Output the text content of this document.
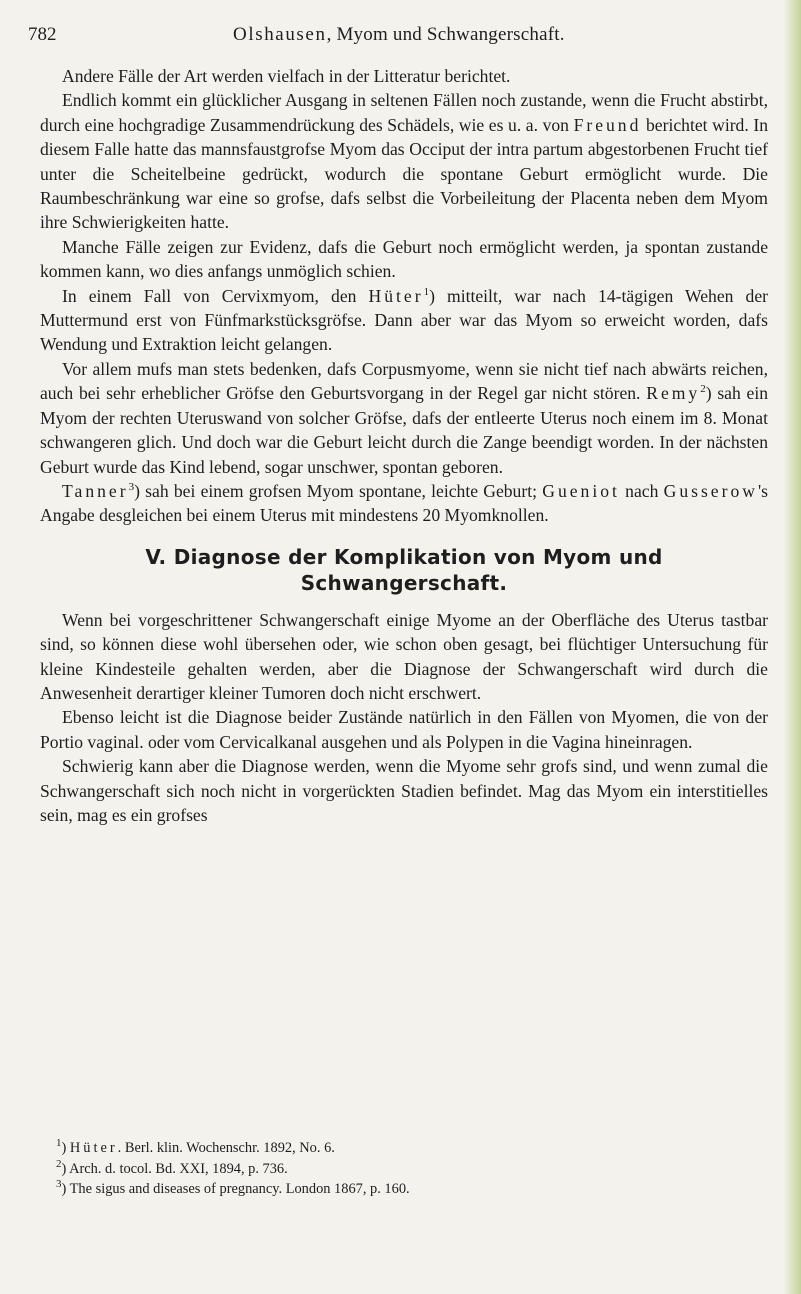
782	Olshausen, Myom und Schwangerschaft.

Andere Fälle der Art werden vielfach in der Litteratur berichtet.

Endlich kommt ein glücklicher Ausgang in seltenen Fällen noch zustande, wenn die Frucht abstirbt, durch eine hochgradige Zusammendrückung des Schädels, wie es u. a. von Freund berichtet wird. In diesem Falle hatte das mannsfaustgrofse Myom das Occiput der intra partum abgestorbenen Frucht tief unter die Scheitelbeine gedrückt, wodurch die spontane Geburt ermöglicht wurde. Die Raumbeschränkung war eine so grofse, dafs selbst die Vorbeileitung der Placenta neben dem Myom ihre Schwierigkeiten hatte.

Manche Fälle zeigen zur Evidenz, dafs die Geburt noch ermöglicht werden, ja spontan zustande kommen kann, wo dies anfangs unmöglich schien.

In einem Fall von Cervixmyom, den Hüter$^1$) mitteilt, war nach 14-tägigen Wehen der Muttermund erst von Fünfmarkstücksgröfse. Dann aber war das Myom so erweicht worden, dafs Wendung und Extraktion leicht gelangen.

Vor allem mufs man stets bedenken, dafs Corpusmyome, wenn sie nicht tief nach abwärts reichen, auch bei sehr erheblicher Gröfse den Geburtsvorgang in der Regel gar nicht stören. Remy$^2$) sah ein Myom der rechten Uteruswand von solcher Gröfse, dafs der entleerte Uterus noch einem im 8. Monat schwangeren glich. Und doch war die Geburt leicht durch die Zange beendigt worden. In der nächsten Geburt wurde das Kind lebend, sogar unschwer, spontan geboren.

Tanner$^3$) sah bei einem grofsen Myom spontane, leichte Geburt; Gueniot nach Gusserow's Angabe desgleichen bei einem Uterus mit mindestens 20 Myomknollen.

V. Diagnose der Komplikation von Myom und
Schwangerschaft.

Wenn bei vorgeschrittener Schwangerschaft einige Myome an der Oberfläche des Uterus tastbar sind, so können diese wohl übersehen oder, wie schon oben gesagt, bei flüchtiger Untersuchung für kleine Kindesteile gehalten werden, aber die Diagnose der Schwangerschaft wird durch die Anwesenheit derartiger kleiner Tumoren doch nicht erschwert.

Ebenso leicht ist die Diagnose beider Zustände natürlich in den Fällen von Myomen, die von der Portio vaginal. oder vom Cervicalkanal ausgehen und als Polypen in die Vagina hineinragen.

Schwierig kann aber die Diagnose werden, wenn die Myome sehr grofs sind, und wenn zumal die Schwangerschaft sich noch nicht in vorgerückten Stadien befindet. Mag das Myom ein interstitielles sein, mag es ein grofses

$^1$) Hüter. Berl. klin. Wochenschr. 1892, No. 6.
$^2$) Arch. d. tocol. Bd. XXI, 1894, p. 736.
$^3$) The sigus and diseases of pregnancy. London 1867, p. 160.
